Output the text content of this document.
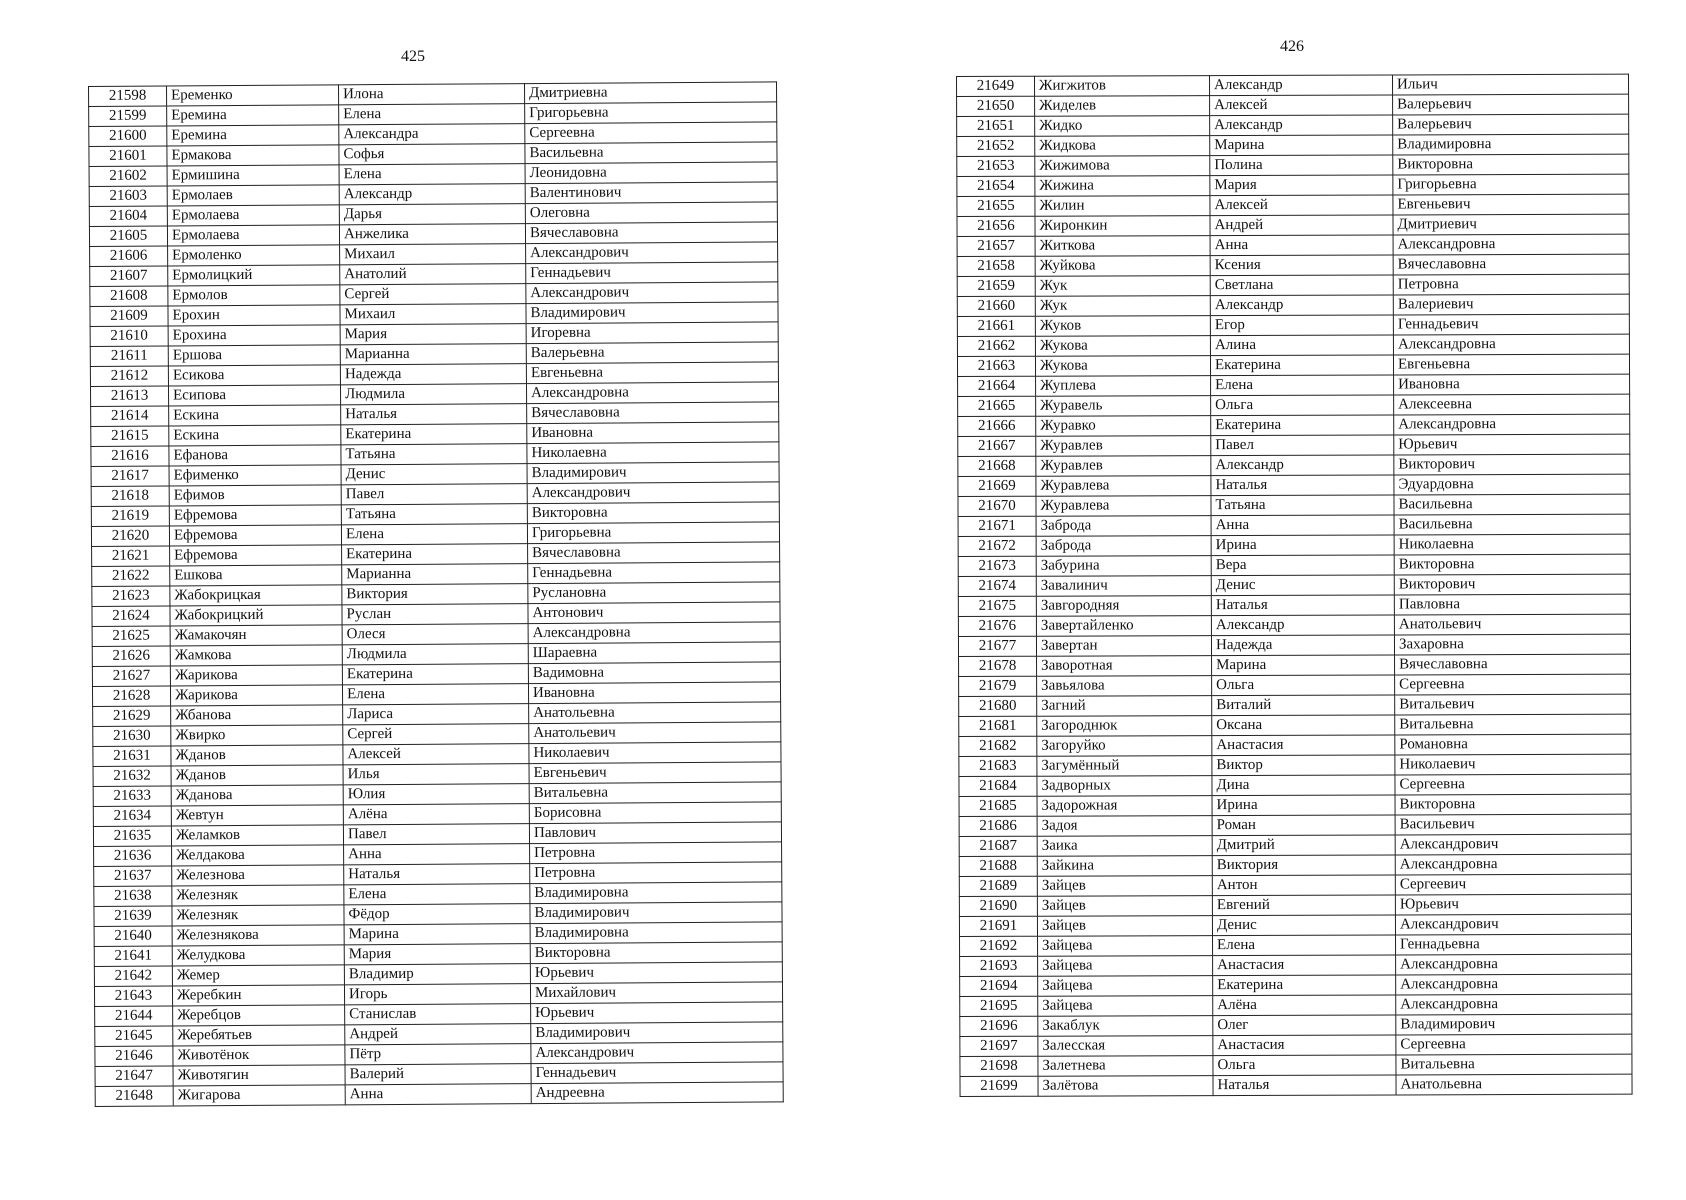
425
21598	Еременко	Илона	Дмитриевна
21599	Еремина	Елена	Григорьевна
21600	Еремина	Александра	Сергеевна
21601	Ермакова	Софья	Васильевна
21602	Ермишина	Елена	Леонидовна
21603	Ермолаев	Александр	Валентинович
21604	Ермолаева	Дарья	Олеговна
21605	Ермолаева	Анжелика	Вячеславовна
21606	Ермоленко	Михаил	Александрович
21607	Ермолицкий	Анатолий	Геннадьевич
21608	Ермолов	Сергей	Александрович
21609	Ерохин	Михаил	Владимирович
21610	Ерохина	Мария	Игоревна
21611	Ершова	Марианна	Валерьевна
21612	Есикова	Надежда	Евгеньевна
21613	Есипова	Людмила	Александровна
21614	Ескина	Наталья	Вячеславовна
21615	Ескина	Екатерина	Ивановна
21616	Ефанова	Татьяна	Николаевна
21617	Ефименко	Денис	Владимирович
21618	Ефимов	Павел	Александрович
21619	Ефремова	Татьяна	Викторовна
21620	Ефремова	Елена	Григорьевна
21621	Ефремова	Екатерина	Вячеславовна
21622	Ешкова	Марианна	Геннадьевна
21623	Жабокрицкая	Виктория	Руслановна
21624	Жабокрицкий	Руслан	Антонович
21625	Жамакочян	Олеся	Александровна
21626	Жамкова	Людмила	Шараевна
21627	Жарикова	Екатерина	Вадимовна
21628	Жарикова	Елена	Ивановна
21629	Жбанова	Лариса	Анатольевна
21630	Жвирко	Сергей	Анатольевич
21631	Жданов	Алексей	Николаевич
21632	Жданов	Илья	Евгеньевич
21633	Жданова	Юлия	Витальевна
21634	Жевтун	Алёна	Борисовна
21635	Желамков	Павел	Павлович
21636	Желдакова	Анна	Петровна
21637	Железнова	Наталья	Петровна
21638	Железняк	Елена	Владимировна
21639	Железняк	Фёдор	Владимирович
21640	Железнякова	Марина	Владимировна
21641	Желудкова	Мария	Викторовна
21642	Жемер	Владимир	Юрьевич
21643	Жеребкин	Игорь	Михайлович
21644	Жеребцов	Станислав	Юрьевич
21645	Жеребятьев	Андрей	Владимирович
21646	Животёнок	Пётр	Александрович
21647	Животягин	Валерий	Геннадьевич
21648	Жигарова	Анна	Андреевна
426
21649	Жигжитов	Александр	Ильич
21650	Жиделев	Алексей	Валерьевич
21651	Жидко	Александр	Валерьевич
21652	Жидкова	Марина	Владимировна
21653	Жижимова	Полина	Викторовна
21654	Жижина	Мария	Григорьевна
21655	Жилин	Алексей	Евгеньевич
21656	Жиронкин	Андрей	Дмитриевич
21657	Житкова	Анна	Александровна
21658	Жуйкова	Ксения	Вячеславовна
21659	Жук	Светлана	Петровна
21660	Жук	Александр	Валериевич
21661	Жуков	Егор	Геннадьевич
21662	Жукова	Алина	Александровна
21663	Жукова	Екатерина	Евгеньевна
21664	Жуплева	Елена	Ивановна
21665	Журавель	Ольга	Алексеевна
21666	Журавко	Екатерина	Александровна
21667	Журавлев	Павел	Юрьевич
21668	Журавлев	Александр	Викторович
21669	Журавлева	Наталья	Эдуардовна
21670	Журавлева	Татьяна	Васильевна
21671	Заброда	Анна	Васильевна
21672	Заброда	Ирина	Николаевна
21673	Забурина	Вера	Викторовна
21674	Завалинич	Денис	Викторович
21675	Завгородняя	Наталья	Павловна
21676	Завертайленко	Александр	Анатольевич
21677	Завертан	Надежда	Захаровна
21678	Заворотная	Марина	Вячеславовна
21679	Завьялова	Ольга	Сергеевна
21680	Загний	Виталий	Витальевич
21681	Загороднюк	Оксана	Витальевна
21682	Загоруйко	Анастасия	Романовна
21683	Загумённый	Виктор	Николаевич
21684	Задворных	Дина	Сергеевна
21685	Задорожная	Ирина	Викторовна
21686	Задоя	Роман	Васильевич
21687	Заика	Дмитрий	Александрович
21688	Зайкина	Виктория	Александровна
21689	Зайцев	Антон	Сергеевич
21690	Зайцев	Евгений	Юрьевич
21691	Зайцев	Денис	Александрович
21692	Зайцева	Елена	Геннадьевна
21693	Зайцева	Анастасия	Александровна
21694	Зайцева	Екатерина	Александровна
21695	Зайцева	Алёна	Александровна
21696	Закаблук	Олег	Владимирович
21697	Залесская	Анастасия	Сергеевна
21698	Залетнева	Ольга	Витальевна
21699	Залётова	Наталья	Анатольевна
